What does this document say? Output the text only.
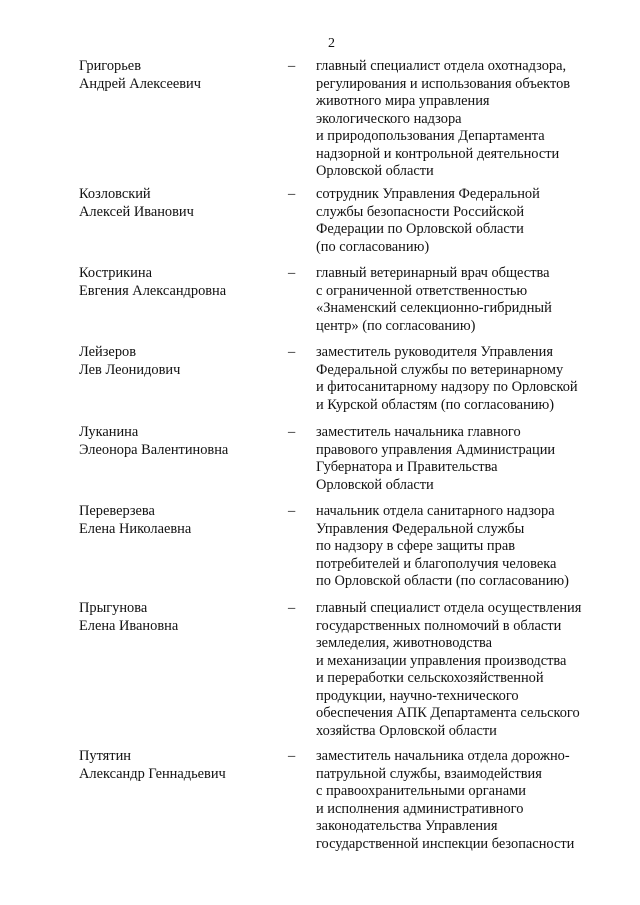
2
Григорьев
Андрей Алексеевич
– главный специалист отдела охотнадзора,
регулирования и использования объектов
животного мира управления
экологического надзора
и природопользования Департамента
надзорной и контрольной деятельности
Орловской области
Козловский
Алексей Иванович
– сотрудник Управления Федеральной
службы безопасности Российской
Федерации по Орловской области
(по согласованию)
Кострикина
Евгения Александровна
– главный ветеринарный врач общества
с ограниченной ответственностью
«Знаменский селекционно-гибридный
центр» (по согласованию)
Лейзеров
Лев Леонидович
– заместитель руководителя Управления
Федеральной службы по ветеринарному
и фитосанитарному надзору по Орловской
и Курской областям (по согласованию)
Луканина
Элеонора Валентиновна
– заместитель начальника главного
правового управления Администрации
Губернатора и Правительства
Орловской области
Переверзева
Елена Николаевна
– начальник отдела санитарного надзора
Управления Федеральной службы
по надзору в сфере защиты прав
потребителей и благополучия человека
по Орловской области (по согласованию)
Прыгунова
Елена Ивановна
– главный специалист отдела осуществления
государственных полномочий в области
земледелия, животноводства
и механизации управления производства
и переработки сельскохозяйственной
продукции, научно-технического
обеспечения АПК Департамента сельского
хозяйства Орловской области
Путятин
Александр Геннадьевич
– заместитель начальника отдела дорожно-
патрульной службы, взаимодействия
с правоохранительными органами
и исполнения административного
законодательства Управления
государственной инспекции безопасности
